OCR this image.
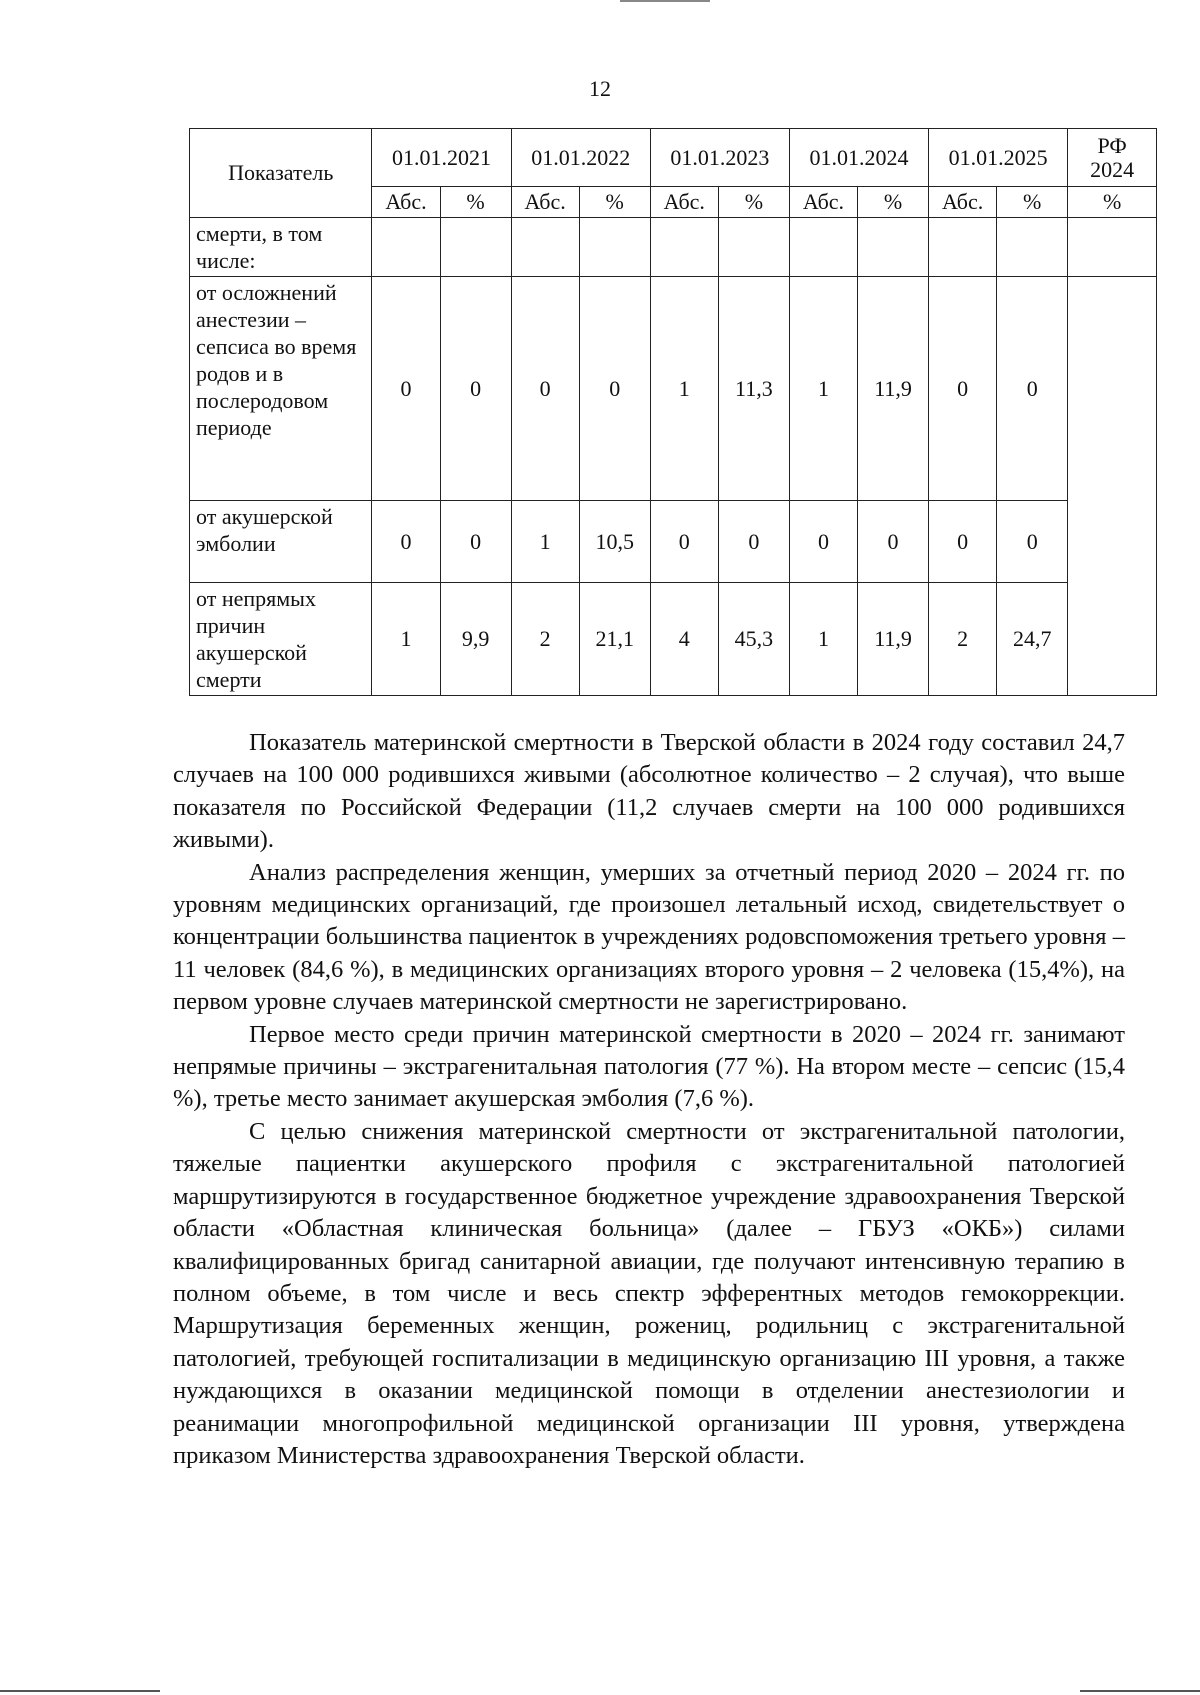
12
Показатель	01.01.2021		01.01.2022		01.01.2023		01.01.2024		01.01.2025		РФ 2024
	Абс.	%	Абс.	%	Абс.	%	Абс.	%	Абс.	%	%
смерти, в том числе:											
от осложнений анестезии – сепсиса во время родов и в послеродовом периоде	0	0	0	0	1	11,3	1	11,9	0	0	
от акушерской эмболии	0	0	1	10,5	0	0	0	0	0	0	
от непрямых причин акушерской смерти	1	9,9	2	21,1	4	45,3	1	11,9	2	24,7	

Показатель материнской смертности в Тверской области в 2024 году составил 24,7 случаев на 100 000 родившихся живыми (абсолютное количество – 2 случая), что выше показателя по Российской Федерации (11,2 случаев смерти на 100 000 родившихся живыми).

Анализ распределения женщин, умерших за отчетный период 2020 – 2024 гг. по уровням медицинских организаций, где произошел летальный исход, свидетельствует о концентрации большинства пациенток в учреждениях родовспоможения третьего уровня – 11 человек (84,6 %), в медицинских организациях второго уровня – 2 человека (15,4%), на первом уровне случаев материнской смертности не зарегистрировано.

Первое место среди причин материнской смертности в 2020 – 2024 гг. занимают непрямые причины – экстрагенитальная патология (77 %). На втором месте – сепсис (15,4 %), третье место занимает акушерская эмболия (7,6 %).

С целью снижения материнской смертности от экстрагенитальной патологии, тяжелые пациентки акушерского профиля с экстрагенитальной патологией маршрутизируются в государственное бюджетное учреждение здравоохранения Тверской области «Областная клиническая больница» (далее – ГБУЗ «ОКБ») силами квалифицированных бригад санитарной авиации, где получают интенсивную терапию в полном объеме, в том числе и весь спектр эфферентных методов гемокоррекции. Маршрутизация беременных женщин, рожениц, родильниц с экстрагенитальной патологией, требующей госпитализации в медицинскую организацию III уровня, а также нуждающихся в оказании медицинской помощи в отделении анестезиологии и реанимации многопрофильной медицинской организации III уровня, утверждена приказом Министерства здравоохранения Тверской области.
